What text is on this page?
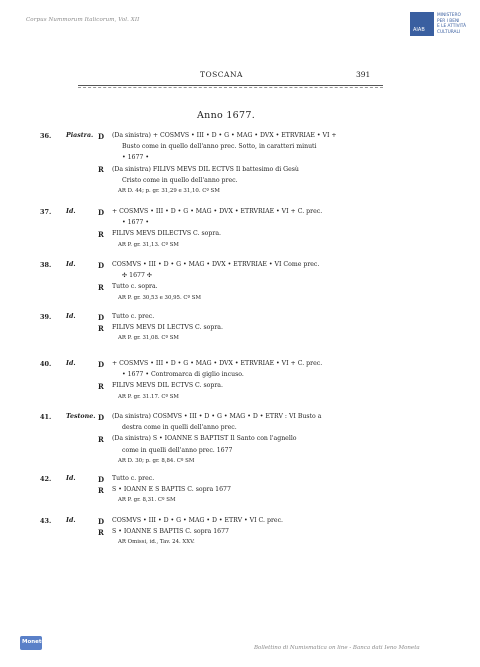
Corpus Nummorum Italicorum, Vol. XII
AIAB
MINISTERO
PER I BENI
E LE ATTIVITÀ
CULTURALI
TOSCANA	391
Anno 1677.
36. Piastra. D (Da sinistra) + COSMVS • III • D • G • MAG • DVX • ETRVRIAE • VI +
Busto come in quello dell'anno prec. Sotto, in caratteri minuti
• 1677 •
R (Da sinistra) FILIVS MEVS DIL ECTVS Il battesimo di Gesù
Cristo come in quello dell'anno prec.
AR D. 44; p. gr. 31,29 e 31,10. Cº SM
37. Id.	D + COSMVS • III • D • G • MAG • DVX • ETRVRIAE • VI + C. prec.
• 1677 •
R FILIVS MEVS DILECTVS C. sopra.
AR P. gr. 31,13. Cº SM
38. Id.	D COSMVS • III • D • G • MAG • DVX • ETRVRIAE • VI Come prec.
✣ 1677 ✣
R Tutto c. sopra.
AR P. gr. 30,53 e 30,95. Cº SM
39. Id.	D Tutto c. prec.
R FILIVS MEVS DI LECTVS C. sopra.
AR P. gr. 31,08. Cº SM
40. Id.	D + COSMVS • III • D • G • MAG • DVX • ETRVRIAE • VI + C. prec.
• 1677 • Contromarca di giglio incuso.
R FILIVS MEVS DIL ECTVS C. sopra.
AR P. gr. 31.17. Cº SM
41. Testone. D (Da sinistra) COSMVS • III • D • G • MAG • D • ETRV : VI Busto a
destra come in quelli dell'anno prec.
R (Da sinistra) S • IOANNE S BAPTIST Il Santo con l'agnello
come in quelli dell'anno prec. 1677
AR D. 30; p. gr. 8,84. Cº SM
42. Id.	D Tutto c. prec.
R S • IOANN E S BAPTIS C. sopra 1677
AR P. gr. 8,31. Cº SM
43. Id.	D COSMVS • III • D • G • MAG • D • ETRV • VI C. prec.
R S • IOANNE S BAPTIS C. sopra 1677
AR Omissi, id., Tav. 24. XXV.
Monete
Bollettino di Numismatica on line - Banca dati Ieno Moneta
